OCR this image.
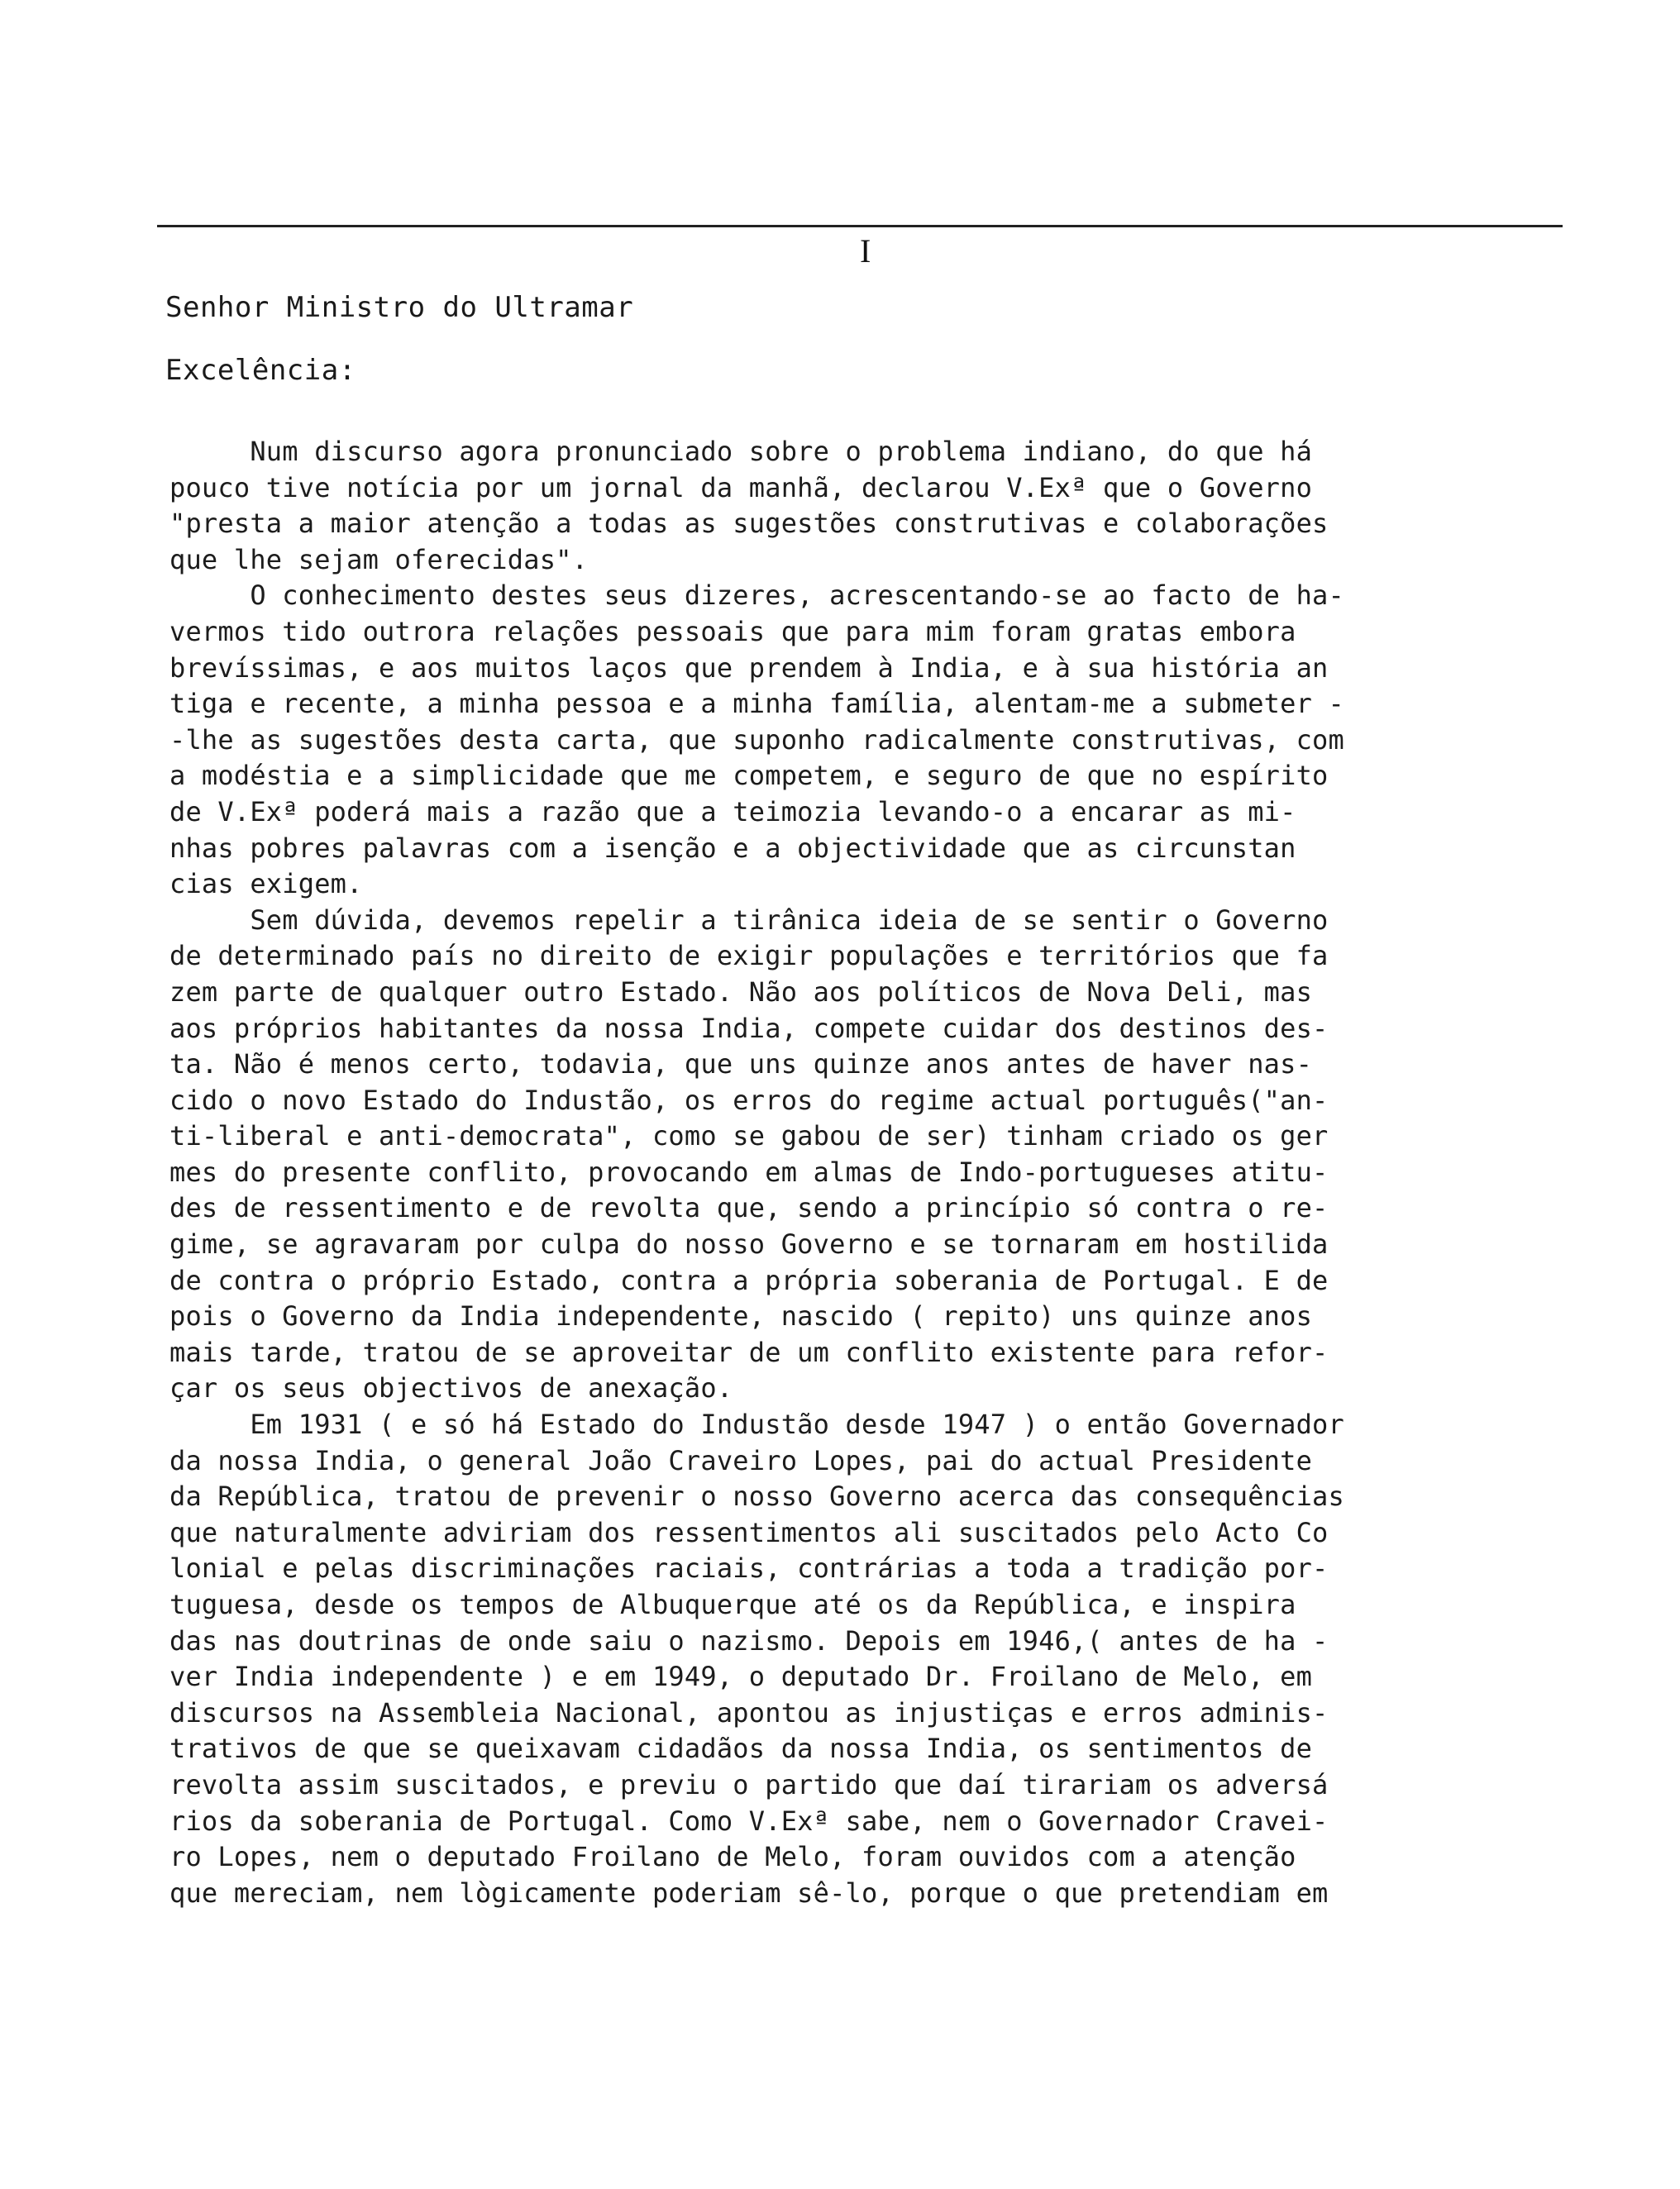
I
Senhor Ministro do Ultramar
Excelência:
Num discurso agora pronunciado sobre o problema indiano, do que há
pouco tive notícia por um jornal da manhã, declarou V.Exª que o Governo
"presta a maior atenção a todas as sugestões construtivas e colaborações
que lhe sejam oferecidas".
O conhecimento destes seus dizeres, acrescentando-se ao facto de ha-
vermos tido outrora relações pessoais que para mim foram gratas embora
brevíssimas, e aos muitos laços que prendem à India, e à sua história an
tiga e recente, a minha pessoa e a minha família, alentam-me a submeter -
-lhe as sugestões desta carta, que suponho radicalmente construtivas, com
a modéstia e a simplicidade que me competem, e seguro de que no espírito
de V.Exª poderá mais a razão que a teimozia levando-o a encarar as mi-
nhas pobres palavras com a isenção e a objectividade que as circunstan
cias exigem.
Sem dúvida, devemos repelir a tirânica ideia de se sentir o Governo
de determinado país no direito de exigir populações e territórios que fa
zem parte de qualquer outro Estado. Não aos políticos de Nova Deli, mas
aos próprios habitantes da nossa India, compete cuidar dos destinos des-
ta. Não é menos certo, todavia, que uns quinze anos antes de haver nas-
cido o novo Estado do Industão, os erros do regime actual português("an-
ti-liberal e anti-democrata", como se gabou de ser) tinham criado os ger
mes do presente conflito, provocando em almas de Indo-portugueses atitu-
des de ressentimento e de revolta que, sendo a princípio só contra o re-
gime, se agravaram por culpa do nosso Governo e se tornaram em hostilida
de contra o próprio Estado, contra a própria soberania de Portugal. E de
pois o Governo da India independente, nascido ( repito) uns quinze anos
mais tarde, tratou de se aproveitar de um conflito existente para refor-
çar os seus objectivos de anexação.
Em 1931 ( e só há Estado do Industão desde 1947 ) o então Governador
da nossa India, o general João Craveiro Lopes, pai do actual Presidente
da República, tratou de prevenir o nosso Governo acerca das consequências
que naturalmente adviriam dos ressentimentos ali suscitados pelo Acto Co
lonial e pelas discriminações raciais, contrárias a toda a tradição por-
tuguesa, desde os tempos de Albuquerque até os da República, e inspira
das nas doutrinas de onde saiu o nazismo. Depois em 1946,( antes de ha -
ver India independente ) e em 1949, o deputado Dr. Froilano de Melo, em
discursos na Assembleia Nacional, apontou as injustiças e erros adminis-
trativos de que se queixavam cidadãos da nossa India, os sentimentos de
revolta assim suscitados, e previu o partido que daí tirariam os adversá
rios da soberania de Portugal. Como V.Exª sabe, nem o Governador Cravei-
ro Lopes, nem o deputado Froilano de Melo, foram ouvidos com a atenção
que mereciam, nem lògicamente poderiam sê-lo, porque o que pretendiam em
